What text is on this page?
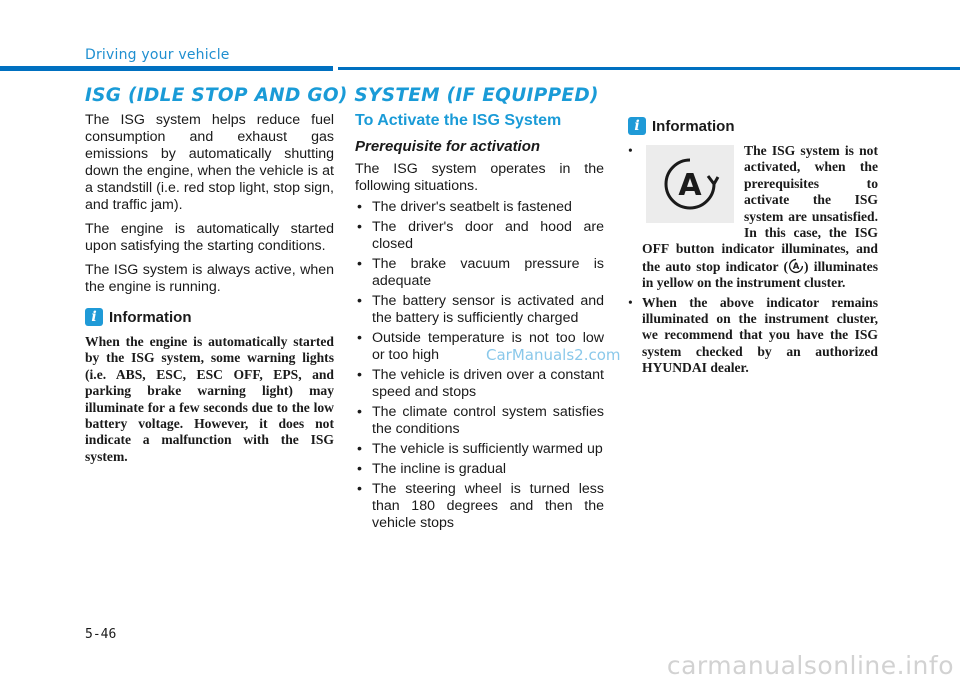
Driving your vehicle
ISG (IDLE STOP AND GO) SYSTEM (IF EQUIPPED)

The ISG system helps reduce fuel consumption and exhaust gas emissions by automatically shutting down the engine, when the vehicle is at a standstill (i.e. red stop light, stop sign, and traffic jam).

The engine is automatically started upon satisfying the starting conditions.

The ISG system is always active, when the engine is running.

i Information

When the engine is automatically started by the ISG system, some warning lights (i.e. ABS, ESC, ESC OFF, EPS, and parking brake warning light) may illuminate for a few seconds due to the low battery voltage. However, it does not indicate a malfunction with the ISG system.

To Activate the ISG System
Prerequisite for activation

The ISG system operates in the following situations.

• The driver's seatbelt is fastened
• The driver's door and hood are closed
• The brake vacuum pressure is adequate
• The battery sensor is activated and the battery is sufficiently charged
• Outside temperature is not too low or too high
• The vehicle is driven over a constant speed and stops
• The climate control system satisfies the conditions
• The vehicle is sufficiently warmed up
• The incline is gradual
• The steering wheel is turned less than 180 degrees and then the vehicle stops
i Information
• A
The ISG system is not activated, when the prerequisites to activate the ISG system are unsatisfied. In this case, the ISG OFF button indicator illuminates, and the auto stop indicator ( A ) illuminates in yellow on the instrument cluster.
• When the above indicator remains illuminated on the instrument cluster, we recommend that you have the ISG system checked by an authorized HYUNDAI dealer.
CarManuals2.com
5-46
carmanualsonline.info
